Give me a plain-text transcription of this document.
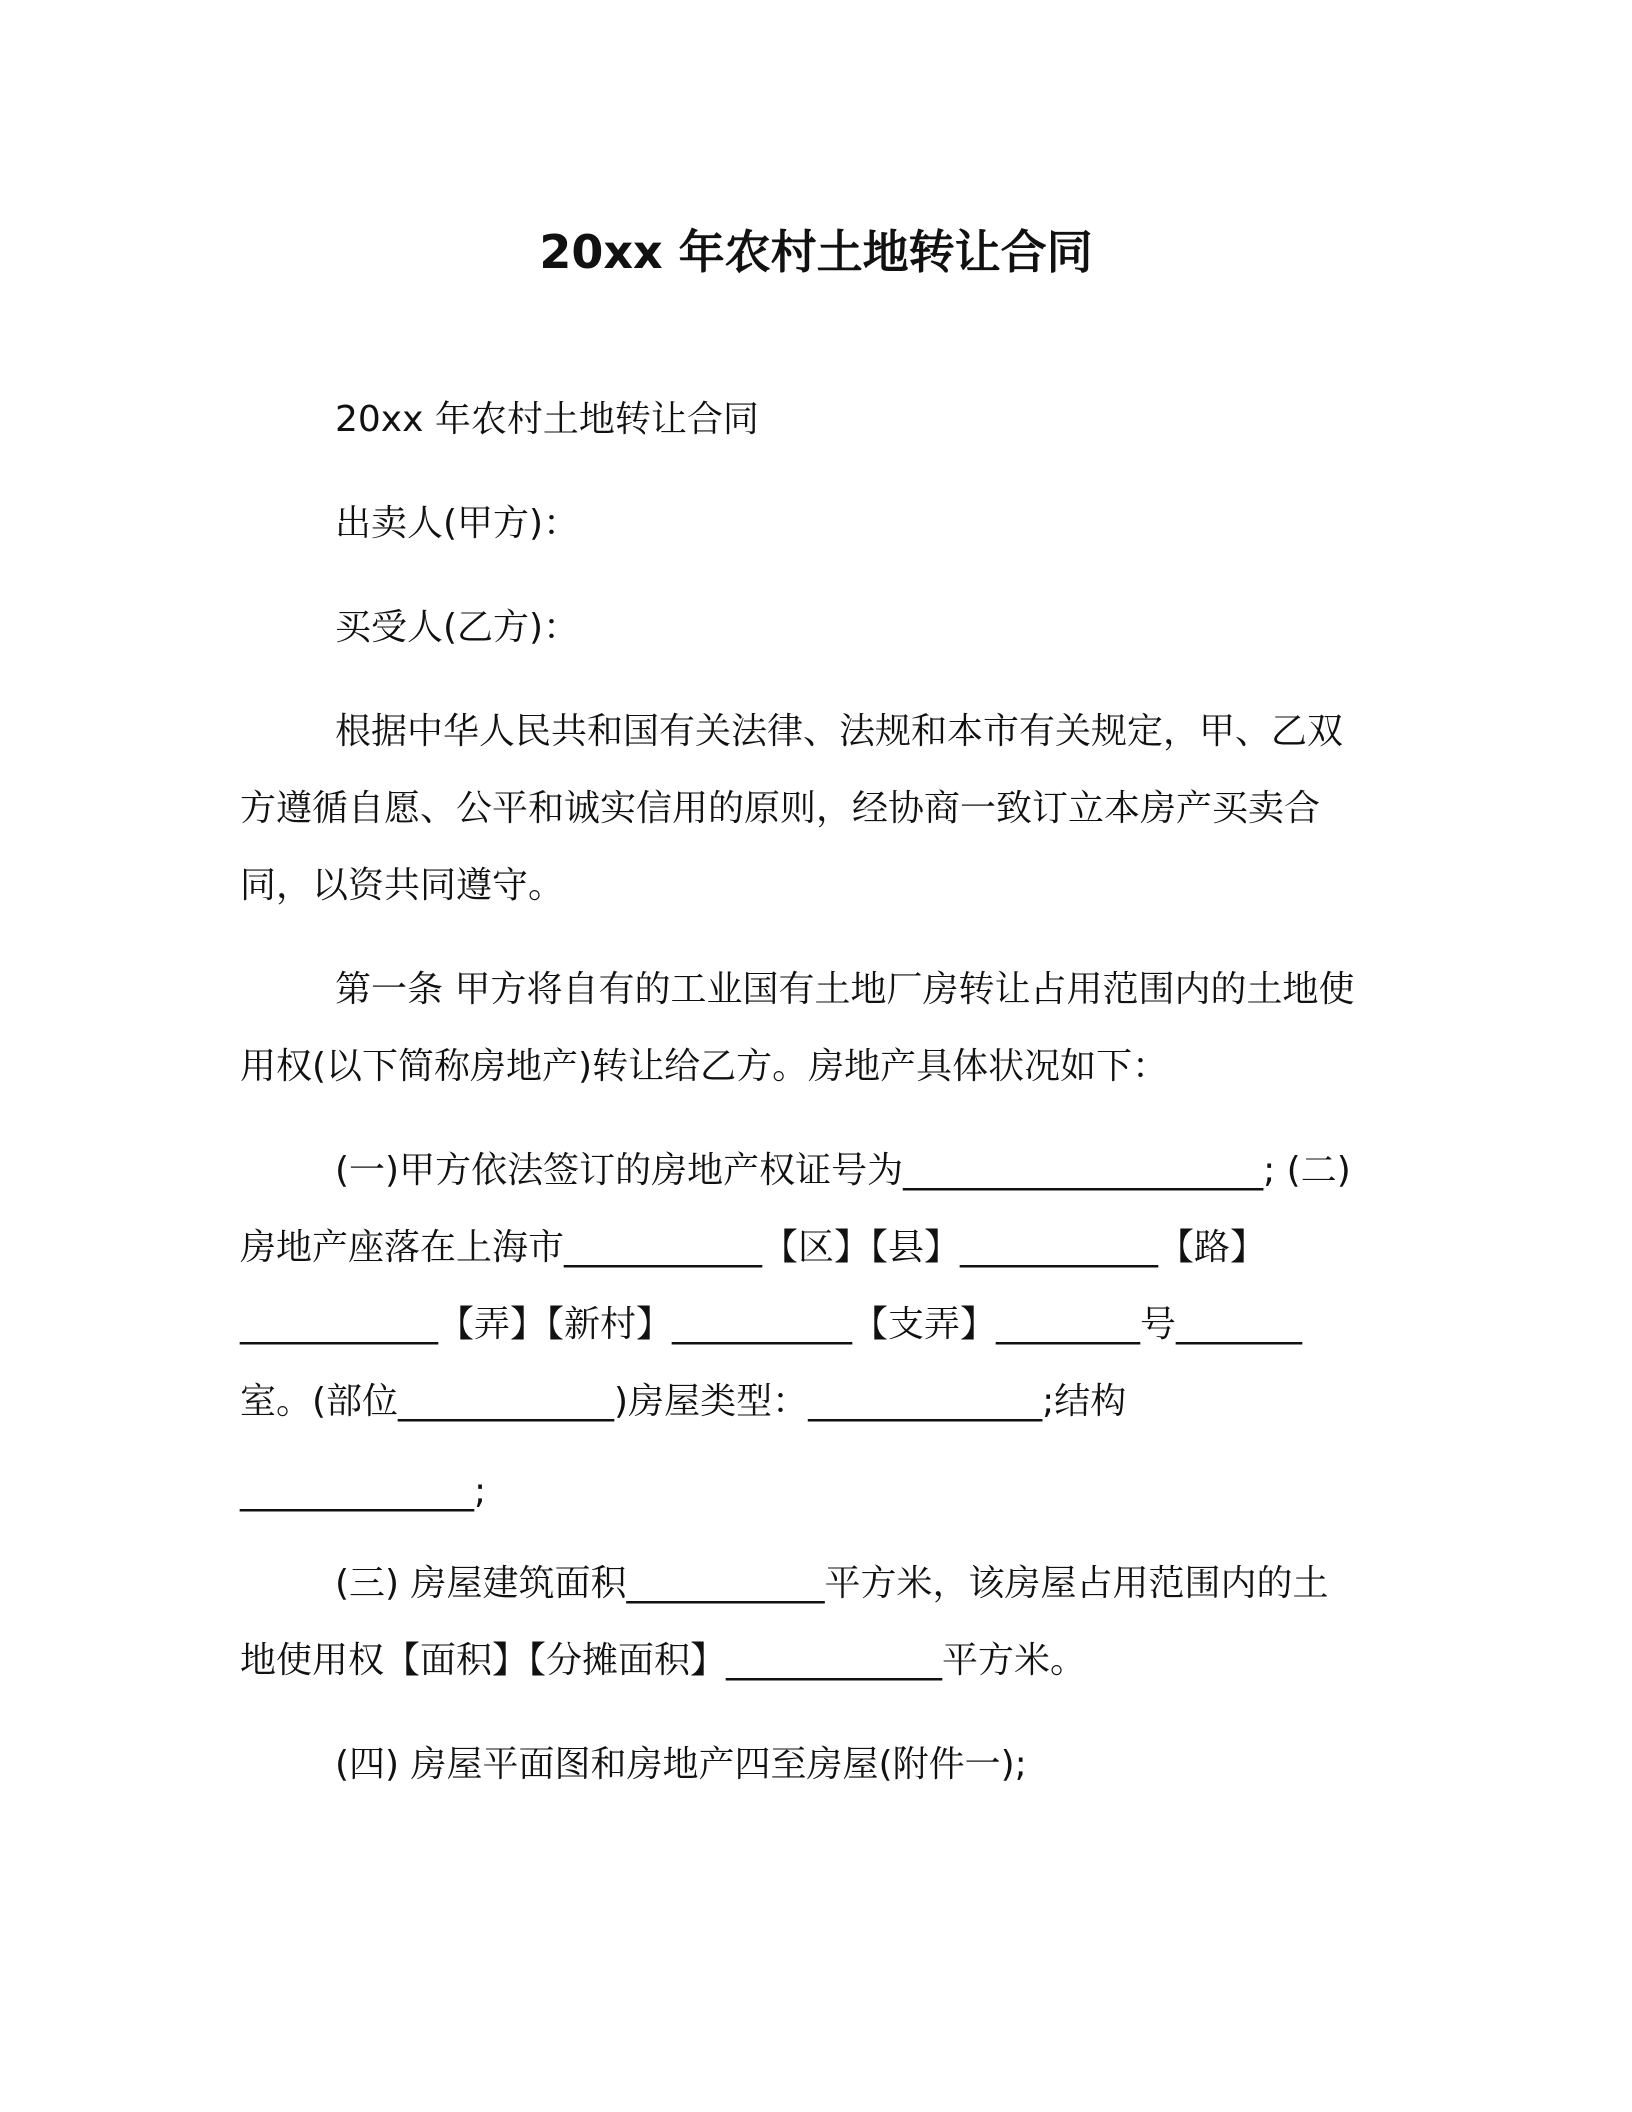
20xx 年农村土地转让合同
20xx 年农村土地转让合同
出卖人(甲方)：
买受人(乙方)：
根据中华人民共和国有关法律、法规和本市有关规定，甲、乙双
方遵循自愿、公平和诚实信用的原则，经协商一致订立本房产买卖合
同，以资共同遵守。
第一条 甲方将自有的工业国有土地厂房转让占用范围内的土地使
用权(以下简称房地产)转让给乙方。房地产具体状况如下：
(一)甲方依法签订的房地产权证号为____________________; (二)
房地产座落在上海市___________【区】【县】___________【路】
___________【弄】【新村】__________【支弄】________号_______
室。(部位____________)房屋类型：_____________;结构
_____________;
(三) 房屋建筑面积___________平方米，该房屋占用范围内的土
地使用权【面积】【分摊面积】____________平方米。
(四) 房屋平面图和房地产四至房屋(附件一);
